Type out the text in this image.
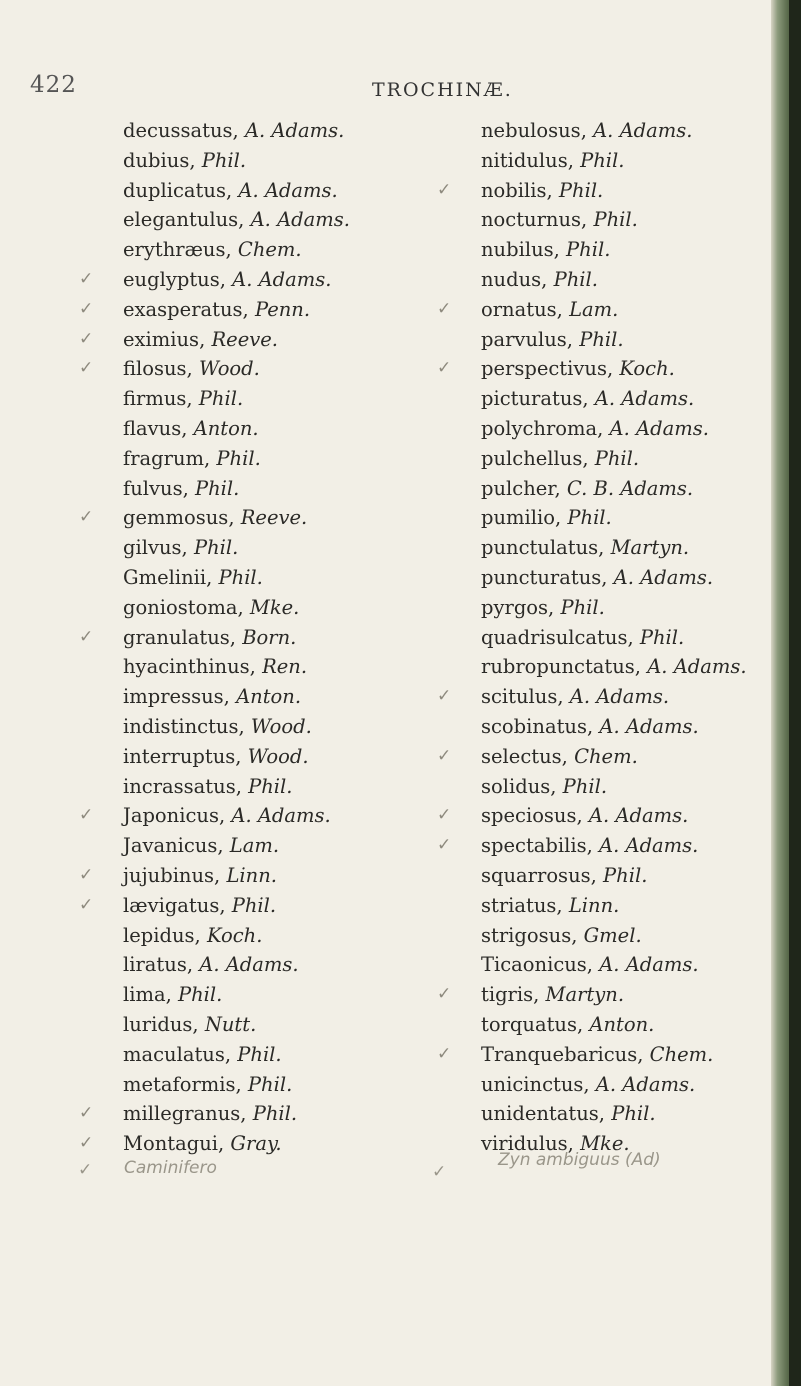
422	TROCHINÆ.
decussatus, A. Adams.
dubius, Phil.
duplicatus, A. Adams.
elegantulus, A. Adams.
erythræus, Chem.
✓	euglyptus, A. Adams.
✓	exasperatus, Penn.
✓	eximius, Reeve.
✓	filosus, Wood.
firmus, Phil.
flavus, Anton.
fragrum, Phil.
fulvus, Phil.
✓	gemmosus, Reeve.
gilvus, Phil.
Gmelinii, Phil.
goniostoma, Mke.
✓	granulatus, Born.
hyacinthinus, Ren.
impressus, Anton.
indistinctus, Wood.
interruptus, Wood.
incrassatus, Phil.
✓	Japonicus, A. Adams.
Javanicus, Lam.
✓	jujubinus, Linn.
✓	lævigatus, Phil.
lepidus, Koch.
liratus, A. Adams.
lima, Phil.
luridus, Nutt.
maculatus, Phil.
metaformis, Phil.
✓	millegranus, Phil.
✓	Montagui, Gray.
nebulosus, A. Adams.
nitidulus, Phil.
✓	nobilis, Phil.
nocturnus, Phil.
nubilus, Phil.
nudus, Phil.
✓	ornatus, Lam.
parvulus, Phil.
✓	perspectivus, Koch.
picturatus, A. Adams.
polychroma, A. Adams.
pulchellus, Phil.
pulcher, C. B. Adams.
pumilio, Phil.
punctulatus, Martyn.
puncturatus, A. Adams.
pyrgos, Phil.
quadrisulcatus, Phil.
rubropunctatus, A. Adams.
✓	scitulus, A. Adams.
scobinatus, A. Adams.
✓	selectus, Chem.
solidus, Phil.
✓	speciosus, A. Adams.
✓	spectabilis, A. Adams.
squarrosus, Phil.
striatus, Linn.
strigosus, Gmel.
Ticaonicus, A. Adams.
✓	tigris, Martyn.
torquatus, Anton.
✓	Tranquebaricus, Chem.
unicinctus, A. Adams.
unidentatus, Phil.
viridulus, Mke.
✓ Caminifero	✓
Zyn ambiguus (Ad)
